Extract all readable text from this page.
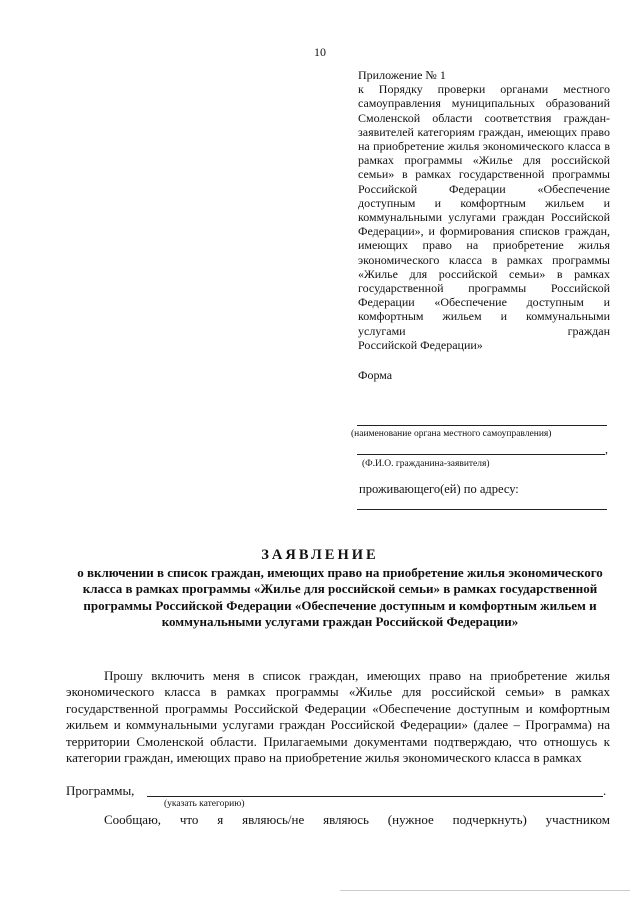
10
Приложение № 1
к Порядку проверки органами местного самоуправления муниципальных образований Смоленской области соответствия граждан-заявителей категориям граждан, имеющих право на приобретение жилья экономического класса в рамках программы «Жилье для российской семьи» в рамках государственной программы Российской Федерации «Обеспечение доступным и комфортным жильем и коммунальными услугами граждан Российской Федерации», и формирования списков граждан, имеющих право на приобретение жилья экономического класса в рамках программы «Жилье для российской семьи» в рамках государственной программы Российской Федерации «Обеспечение доступным и комфортным жильем и коммунальными услугами граждан
Российской Федерации»
Форма
(наименование органа местного самоуправления)
,
(Ф.И.О. гражданина-заявителя)
проживающего(ей) по адресу:
ЗАЯВЛЕНИЕ
о включении в список граждан, имеющих право на приобретение жилья экономического класса в рамках программы «Жилье для российской семьи» в рамках государственной программы Российской Федерации «Обеспечение доступным и комфортным жильем и коммунальными услугами граждан Российской Федерации»
Прошу включить меня в список граждан, имеющих право на приобретение жилья экономического класса в рамках программы «Жилье для российской семьи» в рамках государственной программы Российской Федерации «Обеспечение доступным и комфортным жильем и коммунальными услугами граждан Российской Федерации» (далее – Программа) на территории Смоленской области. Прилагаемыми документами подтверждаю, что отношусь к категории граждан, имеющих право на приобретение жилья экономического класса в рамках
Программы,	.
(указать категорию)
Сообщаю, что я являюсь/не являюсь (нужное подчеркнуть) участником
